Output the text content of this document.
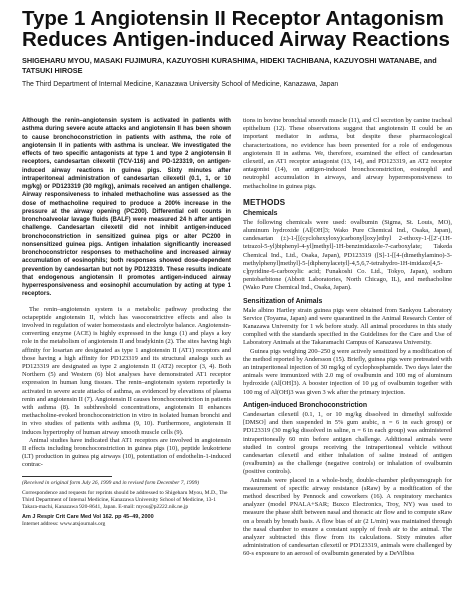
Type 1 Angiotensin II Receptor Antagonism Reduces Antigen-induced Airway Reactions

SHIGEHARU MYOU, MASAKI FUJIMURA, KAZUYOSHI KURASHIMA, HIDEKI TACHIBANA, KAZUYOSHI WATANABE, and TATSUKI HIROSE

The Third Department of Internal Medicine, Kanazawa University School of Medicine, Kanazawa, Japan

Although the renin–angiotensin system is activated in patients with asthma during severe acute attacks and angiotensin II has been shown to cause bronchoconstriction in patients with asthma, the role of angiotensin II in patients with asthma is unclear. We investigated the effects of two specific antagonists at type 1 and type 2 angiotensin II receptors, candesartan cilexetil (TCV-116) and PD-123319, on antigen-induced airway reactions in guinea pigs. Sixty minutes after intraperitoneal administration of candesartan cilexetil (0.1, 1, or 10 mg/kg) or PD123319 (30 mg/kg), animals received an antigen challenge. Airway responsiveness to inhaled methacholine was assessed as the dose of methacholine required to produce a 200% increase in the pressure at the airway opening (PC200). Differential cell counts in bronchoalveolar lavage fluids (BALF) were measured 24 h after antigen challenge. Candesartan cilexetil did not inhibit antigen-induced bronchoconstriction in sensitized guinea pigs or alter PC200 in nonsensitized guinea pigs. Antigen inhalation significantly increased bronchoconstrictor responses to methacholine and increased airway accumulation of eosinophils; both responses showed dose-dependent prevention by candesartan but not by PD123319. These results indicate that endogenous angiotensin II promotes antigen-induced airway hyperresponsiveness and eosinophil accumulation by acting at type 1 receptors.

The renin–angiotensin system is a metabolic pathway producing the octapeptide angiotensin II, which has vasoconstrictive effects and also is involved in regulation of water homeostasis and electrolyte balance. Angiotensin-converting enzyme (ACE) is highly expressed in the lungs (1) and plays a key role in the metabolism of angiotensin II and bradykinin (2). The sites having high affinity for losartan are designated as type 1 angiotensin II (AT1) receptors and those having a high affinity for PD123319 and its structural analogs such as PD123319 are designated as type 2 angiotensin II (AT2) receptor (3, 4). Both Northern (5) and Western (6) blot analyses have demonstrated AT1 receptor expression in human lung tissues. The renin–angiotensin system reportedly is activated in severe acute attacks of asthma, as evidenced by elevations of plasma renin and angiotensin II (7). Angiotensin II causes bronchoconstriction in patients with asthma (8). In subthreshold concentrations, angiotensin II enhances methacholine-evoked bronchoconstriction in vitro in isolated human bronchi and in vivo studies of patients with asthma (9, 10). Furthermore, angiotensin II induces hypertrophy of human airway smooth muscle cells (9).

Animal studies have indicated that AT1 receptors are involved in angiotensin II effects including bronchoconstriction in guinea pigs (10), peptide leukotriene (LT) production in guinea pig airways (10), potentiation of endothelin-1-induced contrac-

(Received in original form July 26, 1999 and in revised form December 7, 1999)

Correspondence and requests for reprints should be addressed to Shigeharu Myou, M.D., The Third Department of Internal Medicine, Kanazawa University School of Medicine, 13-1 Takara-machi, Kanazawa 920-8641, Japan. E-mail: myou@p2222.nik.ne.jp

Am J Respir Crit Care Med Vol 162. pp 45–49, 2000

Internet address: www.atsjournals.org

tions in bovine bronchial smooth muscle (11), and Cl secretion by canine tracheal epithelium (12). These observations suggest that angiotensin II could be an important mediator in asthma, but despite these pharmacological characterizations, no evidence has been presented for a role of endogenous angiotensin II in asthma. We, therefore, examined the effect of candesartan cilexetil, an AT1 receptor antagonist (13, 14), and PD123319, an AT2 receptor antagonist (14), on antigen-induced bronchoconstriction, eosinophil and neutrophil accumulation in airways, and airway hyperresponsiveness to methacholine in guinea pigs.

METHODS
Chemicals

The following chemicals were used: ovalbumin (Sigma, St. Louis, MO), aluminum hydroxide (Al[OH]3; Wako Pure Chemical Ind., Osaka, Japan), candesartan (±)-1-[[(cyclohexyloxy)carbonyl]oxy]ethyl 2-ethoxy-1-[[2′-(1H-tetrazol-5-yl)biphenyl-4-yl]methyl]-1H-benzimidazole-7-carboxylate; Takeda Chemical Ind., Ltd., Osaka, Japan), PD123319 ([S]-1-[[4-(dimethylamino)-3-methylphenyl]methyl]-5-[diphenylacetyl]-4,5,6,7-tetrahydro-1H-imidazo[4,5-c]pyridine-6-carboxylic acid; Funakoshi Co. Ltd., Tokyo, Japan), sodium pentobarbitone (Abbott Laboratories, North Chicago, IL), and methacholine (Wako Pure Chemical Ind., Osaka, Japan).

Sensitization of Animals

Male albino Hartley strain guinea pigs were obtained from Sankyou Laboratory Service (Toyama, Japan) and were quarantined in the Animal Research Center of Kanazawa University for 1 wk before study. All animal procedures in this study complied with the standards specified in the Guidelines for the Care and Use of Laboratory Animals at the Takaramachi Campus of Kanazawa University.

Guinea pigs weighing 200–250 g were actively sensitized by a modification of the method reported by Andersson (15). Briefly, guinea pigs were pretreated with an intraperitoneal injection of 30 mg/kg of cyclophosphamide. Two days later the animals were immunized with 2.0 mg of ovalbumin and 100 mg of aluminum hydroxide (Al[OH]3). A booster injection of 10 μg of ovalbumin together with 100 mg of Al(OH)3 was given 3 wk after the primary injection.

Antigen-induced Bronchoconstriction

Candesartan cilexetil (0.1, 1, or 10 mg/kg dissolved in dimethyl sulfoxide [DMSO] and then suspended in 5% gum arabic, n = 6 in each group) or PD123319 (30 mg/kg dissolved in saline, n = 6 in each group) was administered intraperitoneally 60 min before antigen challenge. Additional animals were studied in control groups receiving the intraperitoneal vehicle without candesartan cilexetil and either inhalation of saline instead of antigen (ovalbumin) as the challenge (negative controls) or inhalation of ovalbumin (positive controls).

Animals were placed in a whole-body, double-chamber plethysmograph for measurement of specific airway resistance (sRaw) by a modification of the method described by Pennock and coworkers (16). A respiratory mechanics analyzer (model PNALA+SAR; Buxco Electronics, Troy, NY) was used to measure the phase shift between nasal and thoracic air flow and to compute sRaw on a breath by breath basis. A flow bias of air (2 L/min) was maintained through the nasal chamber to ensure a constant supply of fresh air to the animal. The analyzer subtracted this flow from its calculations. Sixty minutes after administration of candesartan cilexetil or PD123319, animals were challenged by 60-s exposure to an aerosol of ovalbumin generated by a DeVilbiss
